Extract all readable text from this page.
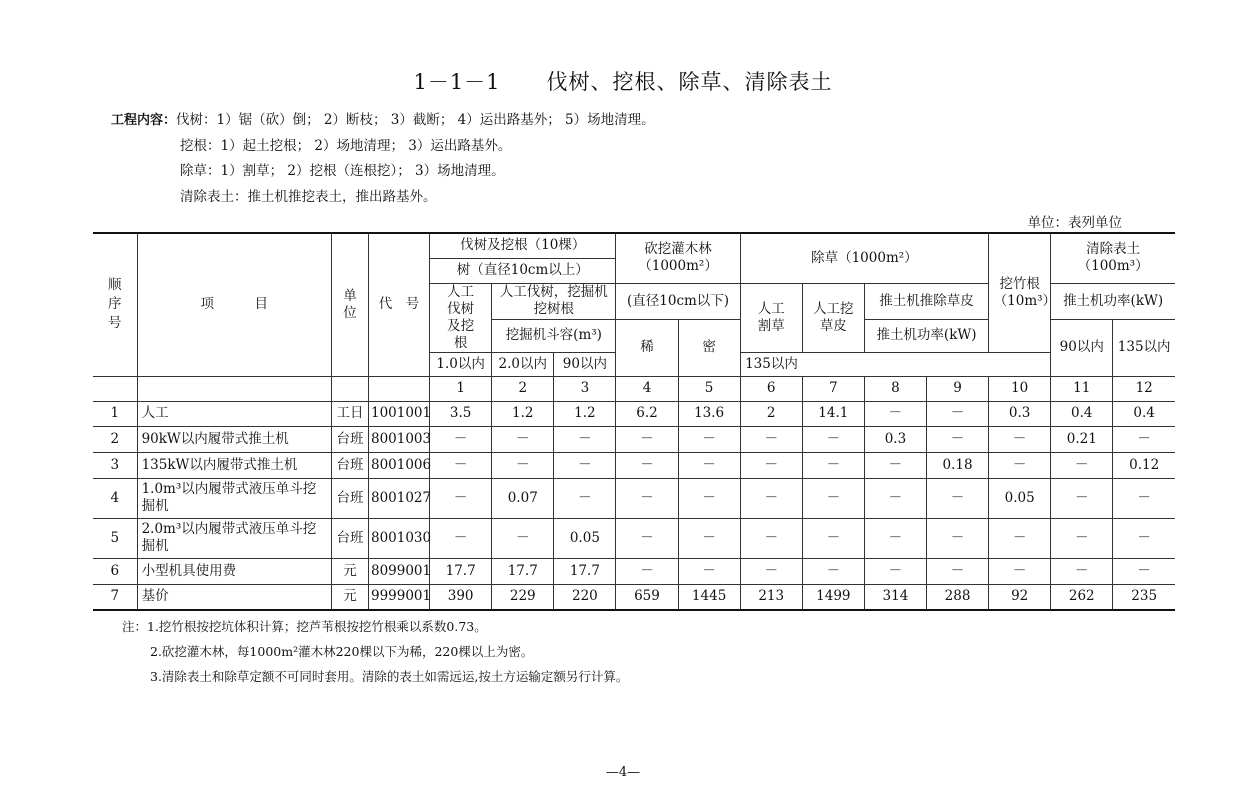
1－1－1 伐树、挖根、除草、清除表土
工程内容：伐树：1）锯（砍）倒； 2）断枝； 3）截断； 4）运出路基外； 5）场地清理。
挖根：1）起土挖根； 2）场地清理； 3）运出路基外。
除草：1）割草； 2）挖根（连根挖）； 3）场地清理。
清除表土：推土机推挖表土，推出路基外。
单位：表列单位
顺序号	项　　　目	单位	代　号	伐树及挖根（10棵）			砍挖灌木林（1000m²）		除草（1000m²）				挖竹根（10m³）	清除表土（100m³）	
				树（直径10cm以上）											
				人工伐树及挖根	人工伐树，挖掘机挖树根		(直径10cm以下)		人工割草	人工挖草皮	推土机推除草皮			推土机功率(kW)	
					挖掘机斗容(m³)		稀	密			推土机功率(kW)			90以内	135以内
				1.0以内	2.0以内	90以内			135以内						
				1	2	3	4	5	6	7	8	9	10	11	12
1	人工	工日	1001001	3.5	1.2	1.2	6.2	13.6	2	14.1	－	－	0.3	0.4	0.4
2	90kW以内履带式推土机	台班	8001003	－	－	－	－	－	－	－	0.3	－	－	0.21	－
3	135kW以内履带式推土机	台班	8001006	－	－	－	－	－	－	－	－	0.18	－	－	0.12
4	1.0m³以内履带式液压单斗挖掘机	台班	8001027	－	0.07	－	－	－	－	－	－	－	0.05	－	－
5	2.0m³以内履带式液压单斗挖掘机	台班	8001030	－	－	0.05	－	－	－	－	－	－	－	－	－
6	小型机具使用费	元	8099001	17.7	17.7	17.7	－	－	－	－	－	－	－	－	－
7	基价	元	9999001	390	229	220	659	1445	213	1499	314	288	92	262	235
注：1.挖竹根按挖坑体积计算；挖芦苇根按挖竹根乘以系数0.73。
2.砍挖灌木林，每1000m²灌木林220棵以下为稀，220棵以上为密。
3.清除表土和除草定额不可同时套用。清除的表土如需远运,按土方运输定额另行计算。
—4—
